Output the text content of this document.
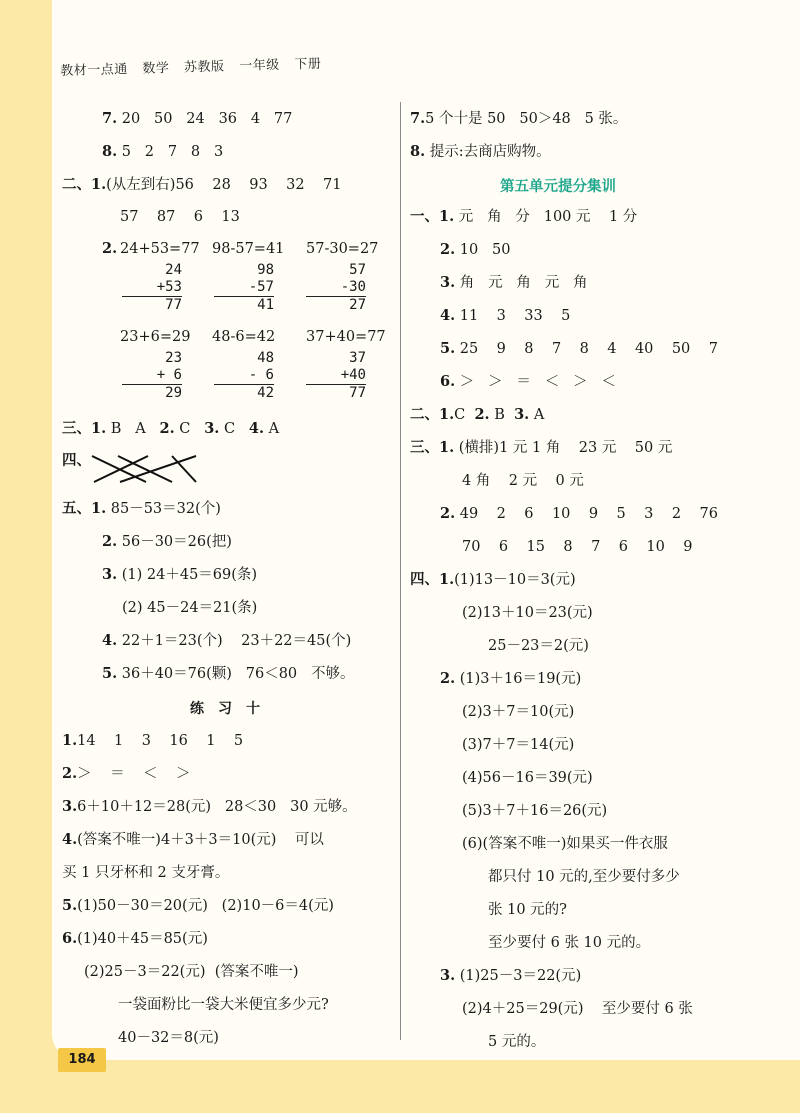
教材一点通 数学 苏教版 一年级 下册
7. 20   50   24   36   4   77
8. 5   2   7   8   3
二、1.(从左到右)56    28    93    32    71
57    87    6    13
2. 24+53=77 98-57=41 57-30=27
24
+53
77
98
-57
41
57
-30
27
23+6=29 48-6=42 37+40=77
23
+ 6
29
48
- 6
42
37
+40
77
三、1. B   A   2. C   3. C   4. A
四、
五、1. 85－53＝32(个)
2. 56－30＝26(把)
3. (1) 24＋45＝69(条)
(2) 45－24＝21(条)
4. 22＋1＝23(个)    23＋22＝45(个)
5. 36＋40＝76(颗)   76＜80   不够。
练习十
1.14    1    3    16    1    5
2.＞    ＝    ＜    ＞
3.6＋10＋12＝28(元)   28＜30   30 元够。
4.(答案不唯一)4＋3＋3＝10(元)    可以
买 1 只牙杯和 2 支牙膏。
5.(1)50－30＝20(元)   (2)10－6＝4(元)
6.(1)40＋45＝85(元)
(2)25－3＝22(元)  (答案不唯一)
一袋面粉比一袋大米便宜多少元?
40－32＝8(元)
7.5 个十是 50   50＞48   5 张。
8. 提示:去商店购物。
第五单元提分集训
一、1. 元   角   分   100 元    1 分
2. 10   50
3. 角   元   角   元   角
4. 11    3    33    5
5. 25    9    8    7    8    4    40    50    7
6. ＞   ＞   ＝   ＜   ＞   ＜
二、1.C  2. B  3. A
三、1. (横排)1 元 1 角    23 元    50 元
4 角    2 元    0 元
2. 49    2    6    10    9    5    3    2    76
70    6    15    8    7    6    10    9
四、1.(1)13－10＝3(元)
(2)13＋10＝23(元)
25－23＝2(元)
2. (1)3＋16＝19(元)
(2)3＋7＝10(元)
(3)7＋7＝14(元)
(4)56－16＝39(元)
(5)3＋7＋16＝26(元)
(6)(答案不唯一)如果买一件衣服
都只付 10 元的,至少要付多少
张 10 元的?
至少要付 6 张 10 元的。
3. (1)25－3＝22(元)
(2)4＋25＝29(元)    至少要付 6 张
5 元的。
184
